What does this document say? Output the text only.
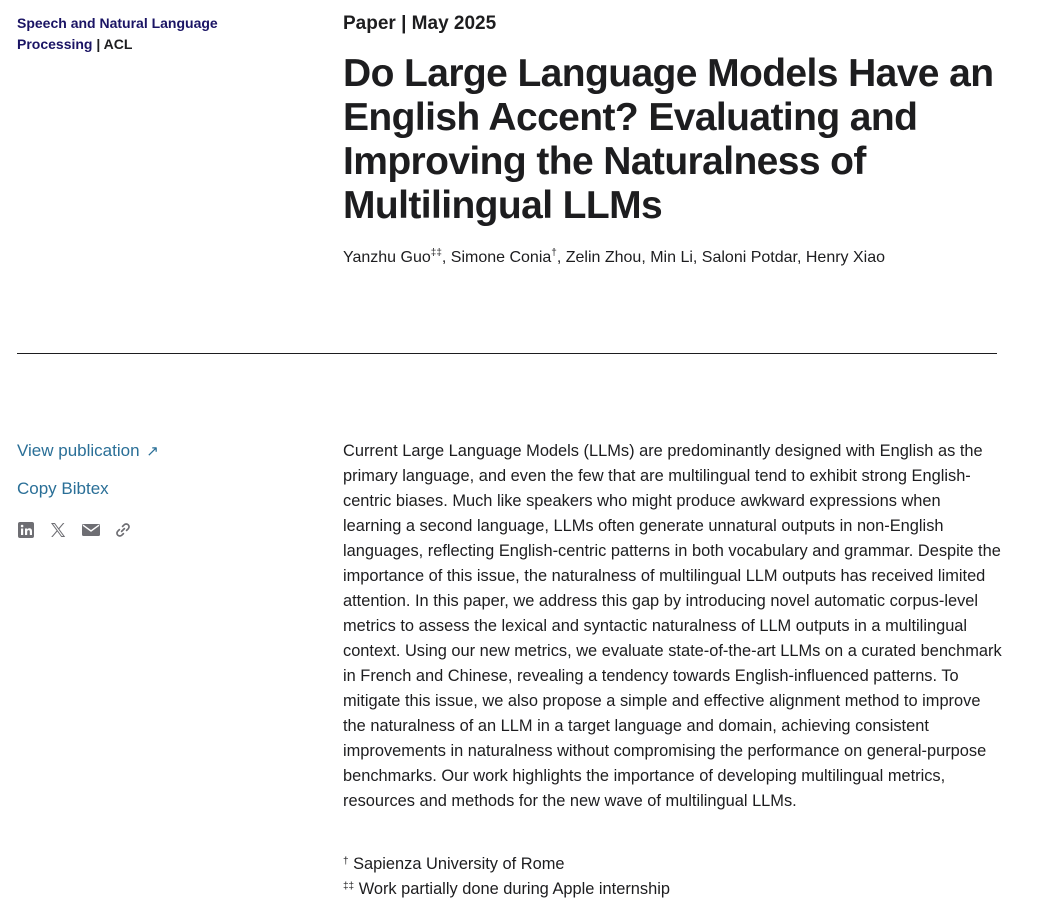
Speech and Natural Language Processing | ACL
Paper | May 2025
Do Large Language Models Have an English Accent? Evaluating and Improving the Naturalness of Multilingual LLMs
Yanzhu Guo‡‡, Simone Conia†, Zelin Zhou, Min Li, Saloni Potdar, Henry Xiao
View publication ↗
Copy Bibtex

Current Large Language Models (LLMs) are predominantly designed with English as the primary language, and even the few that are multilingual tend to exhibit strong English-centric biases. Much like speakers who might produce awkward expressions when learning a second language, LLMs often generate unnatural outputs in non-English languages, reflecting English-centric patterns in both vocabulary and grammar. Despite the importance of this issue, the naturalness of multilingual LLM outputs has received limited attention. In this paper, we address this gap by introducing novel automatic corpus-level metrics to assess the lexical and syntactic naturalness of LLM outputs in a multilingual context. Using our new metrics, we evaluate state-of-the-art LLMs on a curated benchmark in French and Chinese, revealing a tendency towards English-influenced patterns. To mitigate this issue, we also propose a simple and effective alignment method to improve the naturalness of an LLM in a target language and domain, achieving consistent improvements in naturalness without compromising the performance on general-purpose benchmarks. Our work highlights the importance of developing multilingual metrics, resources and methods for the new wave of multilingual LLMs.

† Sapienza University of Rome
‡‡ Work partially done during Apple internship
